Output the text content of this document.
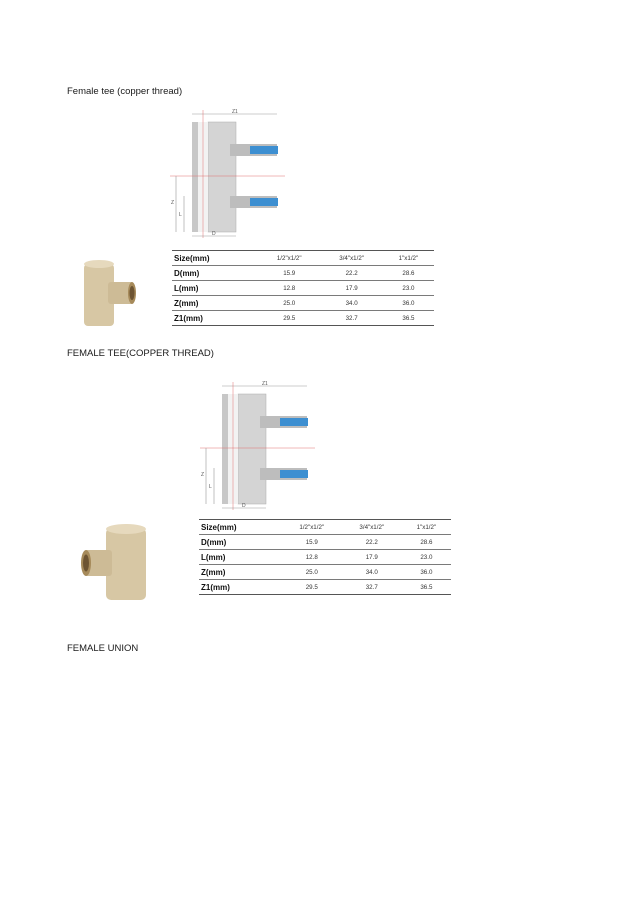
Female tee (copper thread)
Z1
Z
L
D
Size(mm)	1/2"x1/2"	3/4"x1/2"	1"x1/2"
D(mm)	15.9	22.2	28.6
L(mm)	12.8	17.9	23.0
Z(mm)	25.0	34.0	36.0
Z1(mm)	29.5	32.7	36.5
FEMALE TEE(COPPER THREAD)
Z1
Z
L
D
Size(mm)	1/2"x1/2"	3/4"x1/2"	1"x1/2"
D(mm)	15.9	22.2	28.6
L(mm)	12.8	17.9	23.0
Z(mm)	25.0	34.0	36.0
Z1(mm)	29.5	32.7	36.5
FEMALE UNION
